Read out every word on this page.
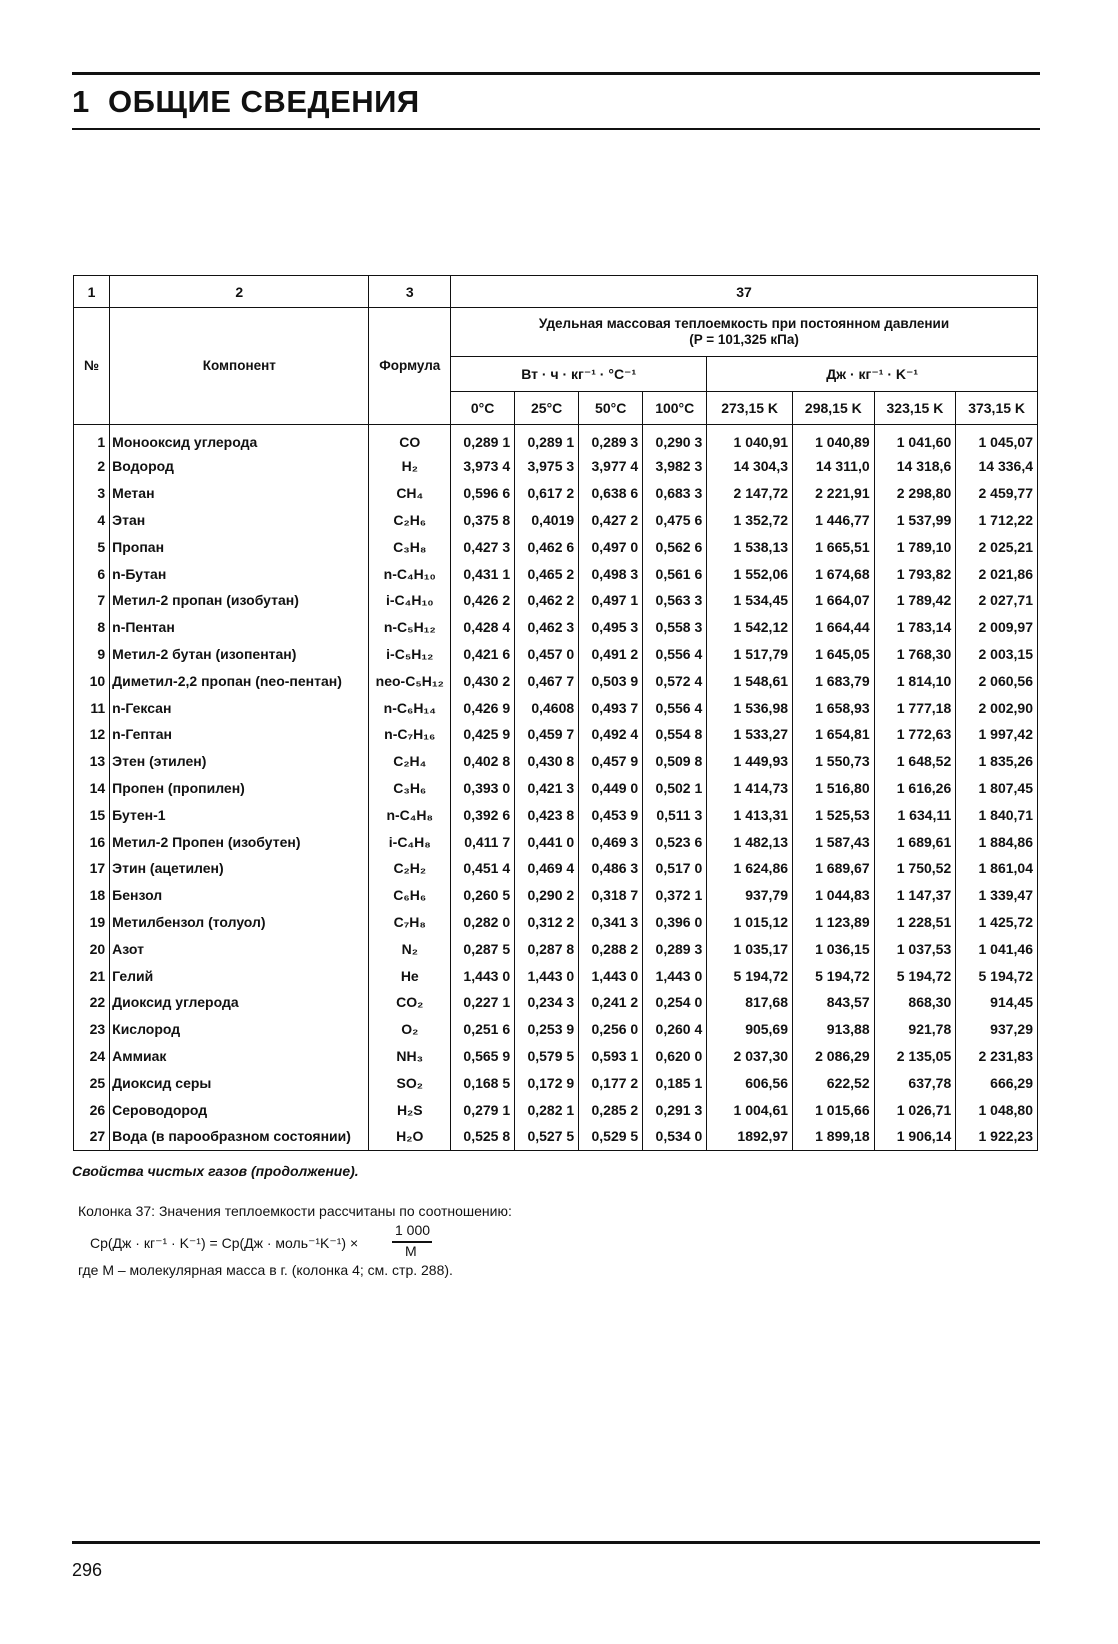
1 ОБЩИЕ СВЕДЕНИЯ
1	2	3	37							
№	Компонент	Формула	Удельная массовая теплоемкость при постоянном давлении
(P = 101,325 кПа)							

			Вт · ч · кг⁻¹ · °C⁻¹				Дж · кг⁻¹ · K⁻¹			
			0°C	25°C	50°C	100°C	273,15 K	298,15 K	323,15 K	373,15 K
1	Монооксид углерода	CO	0,289 1	0,289 1	0,289 3	0,290 3	1 040,91	1 040,89	1 041,60	1 045,07
2	Водород	H₂	3,973 4	3,975 3	3,977 4	3,982 3	14 304,3	14 311,0	14 318,6	14 336,4
3	Метан	CH₄	0,596 6	0,617 2	0,638 6	0,683 3	2 147,72	2 221,91	2 298,80	2 459,77
4	Этан	C₂H₆	0,375 8	0,4019	0,427 2	0,475 6	1 352,72	1 446,77	1 537,99	1 712,22
5	Пропан	C₃H₈	0,427 3	0,462 6	0,497 0	0,562 6	1 538,13	1 665,51	1 789,10	2 025,21
6	n-Бутан	n-C₄H₁₀	0,431 1	0,465 2	0,498 3	0,561 6	1 552,06	1 674,68	1 793,82	2 021,86
7	Метил-2 пропан (изобутан)	i-C₄H₁₀	0,426 2	0,462 2	0,497 1	0,563 3	1 534,45	1 664,07	1 789,42	2 027,71
8	n-Пентан	n-C₅H₁₂	0,428 4	0,462 3	0,495 3	0,558 3	1 542,12	1 664,44	1 783,14	2 009,97
9	Метил-2 бутан (изопентан)	i-C₅H₁₂	0,421 6	0,457 0	0,491 2	0,556 4	1 517,79	1 645,05	1 768,30	2 003,15
10	Диметил-2,2 пропан (neo-пентан)	neo-C₅H₁₂	0,430 2	0,467 7	0,503 9	0,572 4	1 548,61	1 683,79	1 814,10	2 060,56
11	n-Гексан	n-C₆H₁₄	0,426 9	0,4608	0,493 7	0,556 4	1 536,98	1 658,93	1 777,18	2 002,90
12	n-Гептан	n-C₇H₁₆	0,425 9	0,459 7	0,492 4	0,554 8	1 533,27	1 654,81	1 772,63	1 997,42
13	Этен (этилен)	C₂H₄	0,402 8	0,430 8	0,457 9	0,509 8	1 449,93	1 550,73	1 648,52	1 835,26
14	Пропен (пропилен)	C₃H₆	0,393 0	0,421 3	0,449 0	0,502 1	1 414,73	1 516,80	1 616,26	1 807,45
15	Бутен-1	n-C₄H₈	0,392 6	0,423 8	0,453 9	0,511 3	1 413,31	1 525,53	1 634,11	1 840,71
16	Метил-2 Пропен (изобутен)	i-C₄H₈	0,411 7	0,441 0	0,469 3	0,523 6	1 482,13	1 587,43	1 689,61	1 884,86
17	Этин (ацетилен)	C₂H₂	0,451 4	0,469 4	0,486 3	0,517 0	1 624,86	1 689,67	1 750,52	1 861,04
18	Бензол	C₆H₆	0,260 5	0,290 2	0,318 7	0,372 1	937,79	1 044,83	1 147,37	1 339,47
19	Метилбензол (толуол)	C₇H₈	0,282 0	0,312 2	0,341 3	0,396 0	1 015,12	1 123,89	1 228,51	1 425,72
20	Азот	N₂	0,287 5	0,287 8	0,288 2	0,289 3	1 035,17	1 036,15	1 037,53	1 041,46
21	Гелий	He	1,443 0	1,443 0	1,443 0	1,443 0	5 194,72	5 194,72	5 194,72	5 194,72
22	Диоксид углерода	CO₂	0,227 1	0,234 3	0,241 2	0,254 0	817,68	843,57	868,30	914,45
23	Кислород	O₂	0,251 6	0,253 9	0,256 0	0,260 4	905,69	913,88	921,78	937,29
24	Аммиак	NH₃	0,565 9	0,579 5	0,593 1	0,620 0	2 037,30	2 086,29	2 135,05	2 231,83
25	Диоксид серы	SO₂	0,168 5	0,172 9	0,177 2	0,185 1	606,56	622,52	637,78	666,29
26	Сероводород	H₂S	0,279 1	0,282 1	0,285 2	0,291 3	1 004,61	1 015,66	1 026,71	1 048,80
27	Вода (в парообразном состоянии)	H₂O	0,525 8	0,527 5	0,529 5	0,534 0	1892,97	1 899,18	1 906,14	1 922,23
Свойства чистых газов (продолжение).
Колонка 37: Значения теплоемкости рассчитаны по соотношению:
Cp(Дж · кг⁻¹ · K⁻¹) = Cp(Дж · моль⁻¹K⁻¹) ×
1 000
M
где M – молекулярная масса в г. (колонка 4; см. стр. 288).
296
